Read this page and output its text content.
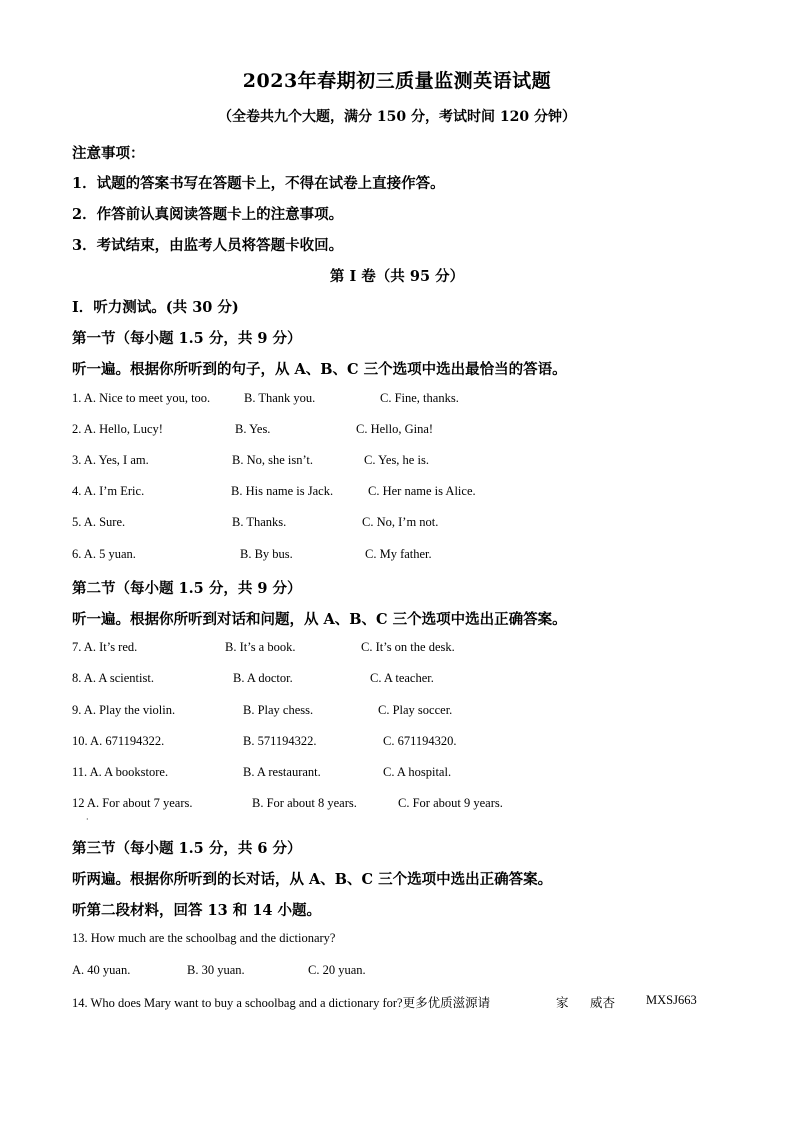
2023年春期初三质量监测英语试题
（全卷共九个大题，满分 150 分，考试时间 120 分钟）
注意事项：
1．试题的答案书写在答题卡上，不得在试卷上直接作答。
2．作答前认真阅读答题卡上的注意事项。
3．考试结束，由监考人员将答题卡收回。
第 I 卷（共 95 分）
I．听力测试。(共 30 分)
第一节（每小题 1.5 分，共 9 分）
听一遍。根据你所听到的句子，从 A、B、C 三个选项中选出最恰当的答语。
1. A. Nice to meet you, too.	B. Thank you.	C. Fine, thanks.
2. A. Hello, Lucy!	B. Yes.	C. Hello, Gina!
3. A. Yes, I am.	B. No, she isn’t.	C. Yes, he is.
4. A. I’m Eric.	B. His name is Jack.	C. Her name is Alice.
5. A. Sure.	B. Thanks.	C. No, I’m not.
6. A. 5 yuan.	B. By bus.	C. My father.
第二节（每小题 1.5 分，共 9 分）
听一遍。根据你所听到对话和问题，从 A、B、C 三个选项中选出正确答案。
7. A. It’s red.	B. It’s a book.	C. It’s on the desk.
8. A. A scientist.	B. A doctor.	C. A teacher.
9. A. Play the violin.	B. Play chess.	C. Play soccer.
10. A. 671194322.	B. 571194322.	C. 671194320.
11. A. A bookstore.	B. A restaurant.	C. A hospital.
12 A. For about 7 years.	B. For about 8 years.	C. For about 9 years.
·
第三节（每小题 1.5 分，共 6 分）
听两遍。根据你所听到的长对话，从 A、B、C 三个选项中选出正确答案。
听第二段材料，回答 13 和 14 小题。
13. How much are the schoolbag and the dictionary?
A. 40 yuan.	B. 30 yuan.	C. 20 yuan.
14. Who does Mary want to buy a schoolbag and a dictionary for?更多优质滋源请	家 威杏 MXSJ663
